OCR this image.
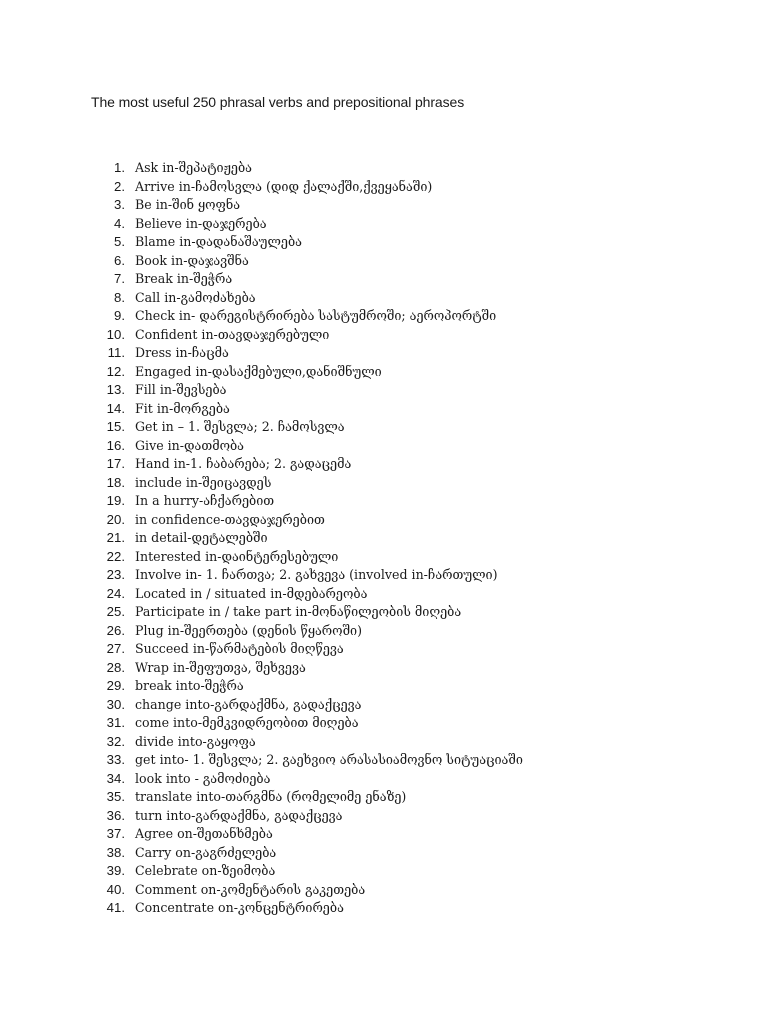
The most useful 250 phrasal verbs and prepositional phrases
1. Ask in-შეპატიჟება
2. Arrive in-ჩამოსვლა (დიდ ქალაქში,ქვეყანაში)
3. Be in-შინ ყოფნა
4. Believe in-დაჯერება
5. Blame in-დადანაშაულება
6. Book in-დაჯავშნა
7. Break in-შეჭრა
8. Call in-გამოძახება
9. Check in- დარეგისტრირება სასტუმროში; აეროპორტში
10. Confident in-თავდაჯერებული
11. Dress in-ჩაცმა
12. Engaged in-დასაქმებული,დანიშნული
13. Fill in-შევსება
14. Fit in-მორგება
15. Get in – 1. შესვლა; 2. ჩამოსვლა
16. Give in-დათმობა
17. Hand in-1. ჩაბარება; 2. გადაცემა
18. include in-შეიცავდეს
19. In a hurry-აჩქარებით
20. in confidence-თავდაჯერებით
21. in detail-დეტალებში
22. Interested in-დაინტერესებული
23. Involve in- 1. ჩართვა; 2. გახვევა (involved in-ჩართული)
24. Located in / situated in-მდებარეობა
25. Participate in / take part in-მონაწილეობის მიღება
26. Plug in-შეერთება (დენის წყაროში)
27. Succeed in-წარმატების მიღწევა
28. Wrap in-შეფუთვა, შეხვევა
29. break into-შეჭრა
30. change into-გარდაქმნა, გადაქცევა
31. come into-მემკვიდრეობით მიღება
32. divide into-გაყოფა
33. get into- 1. შესვლა; 2. გაეხვიო არასასიამოვნო სიტუაციაში
34. look into - გამოძიება
35. translate into-თარგმნა (რომელიმე ენაზე)
36. turn into-გარდაქმნა, გადაქცევა
37. Agree on-შეთანხმება
38. Carry on-გაგრძელება
39. Celebrate on-ზეიმობა
40. Comment on-კომენტარის გაკეთება
41. Concentrate on-კონცენტრირება
